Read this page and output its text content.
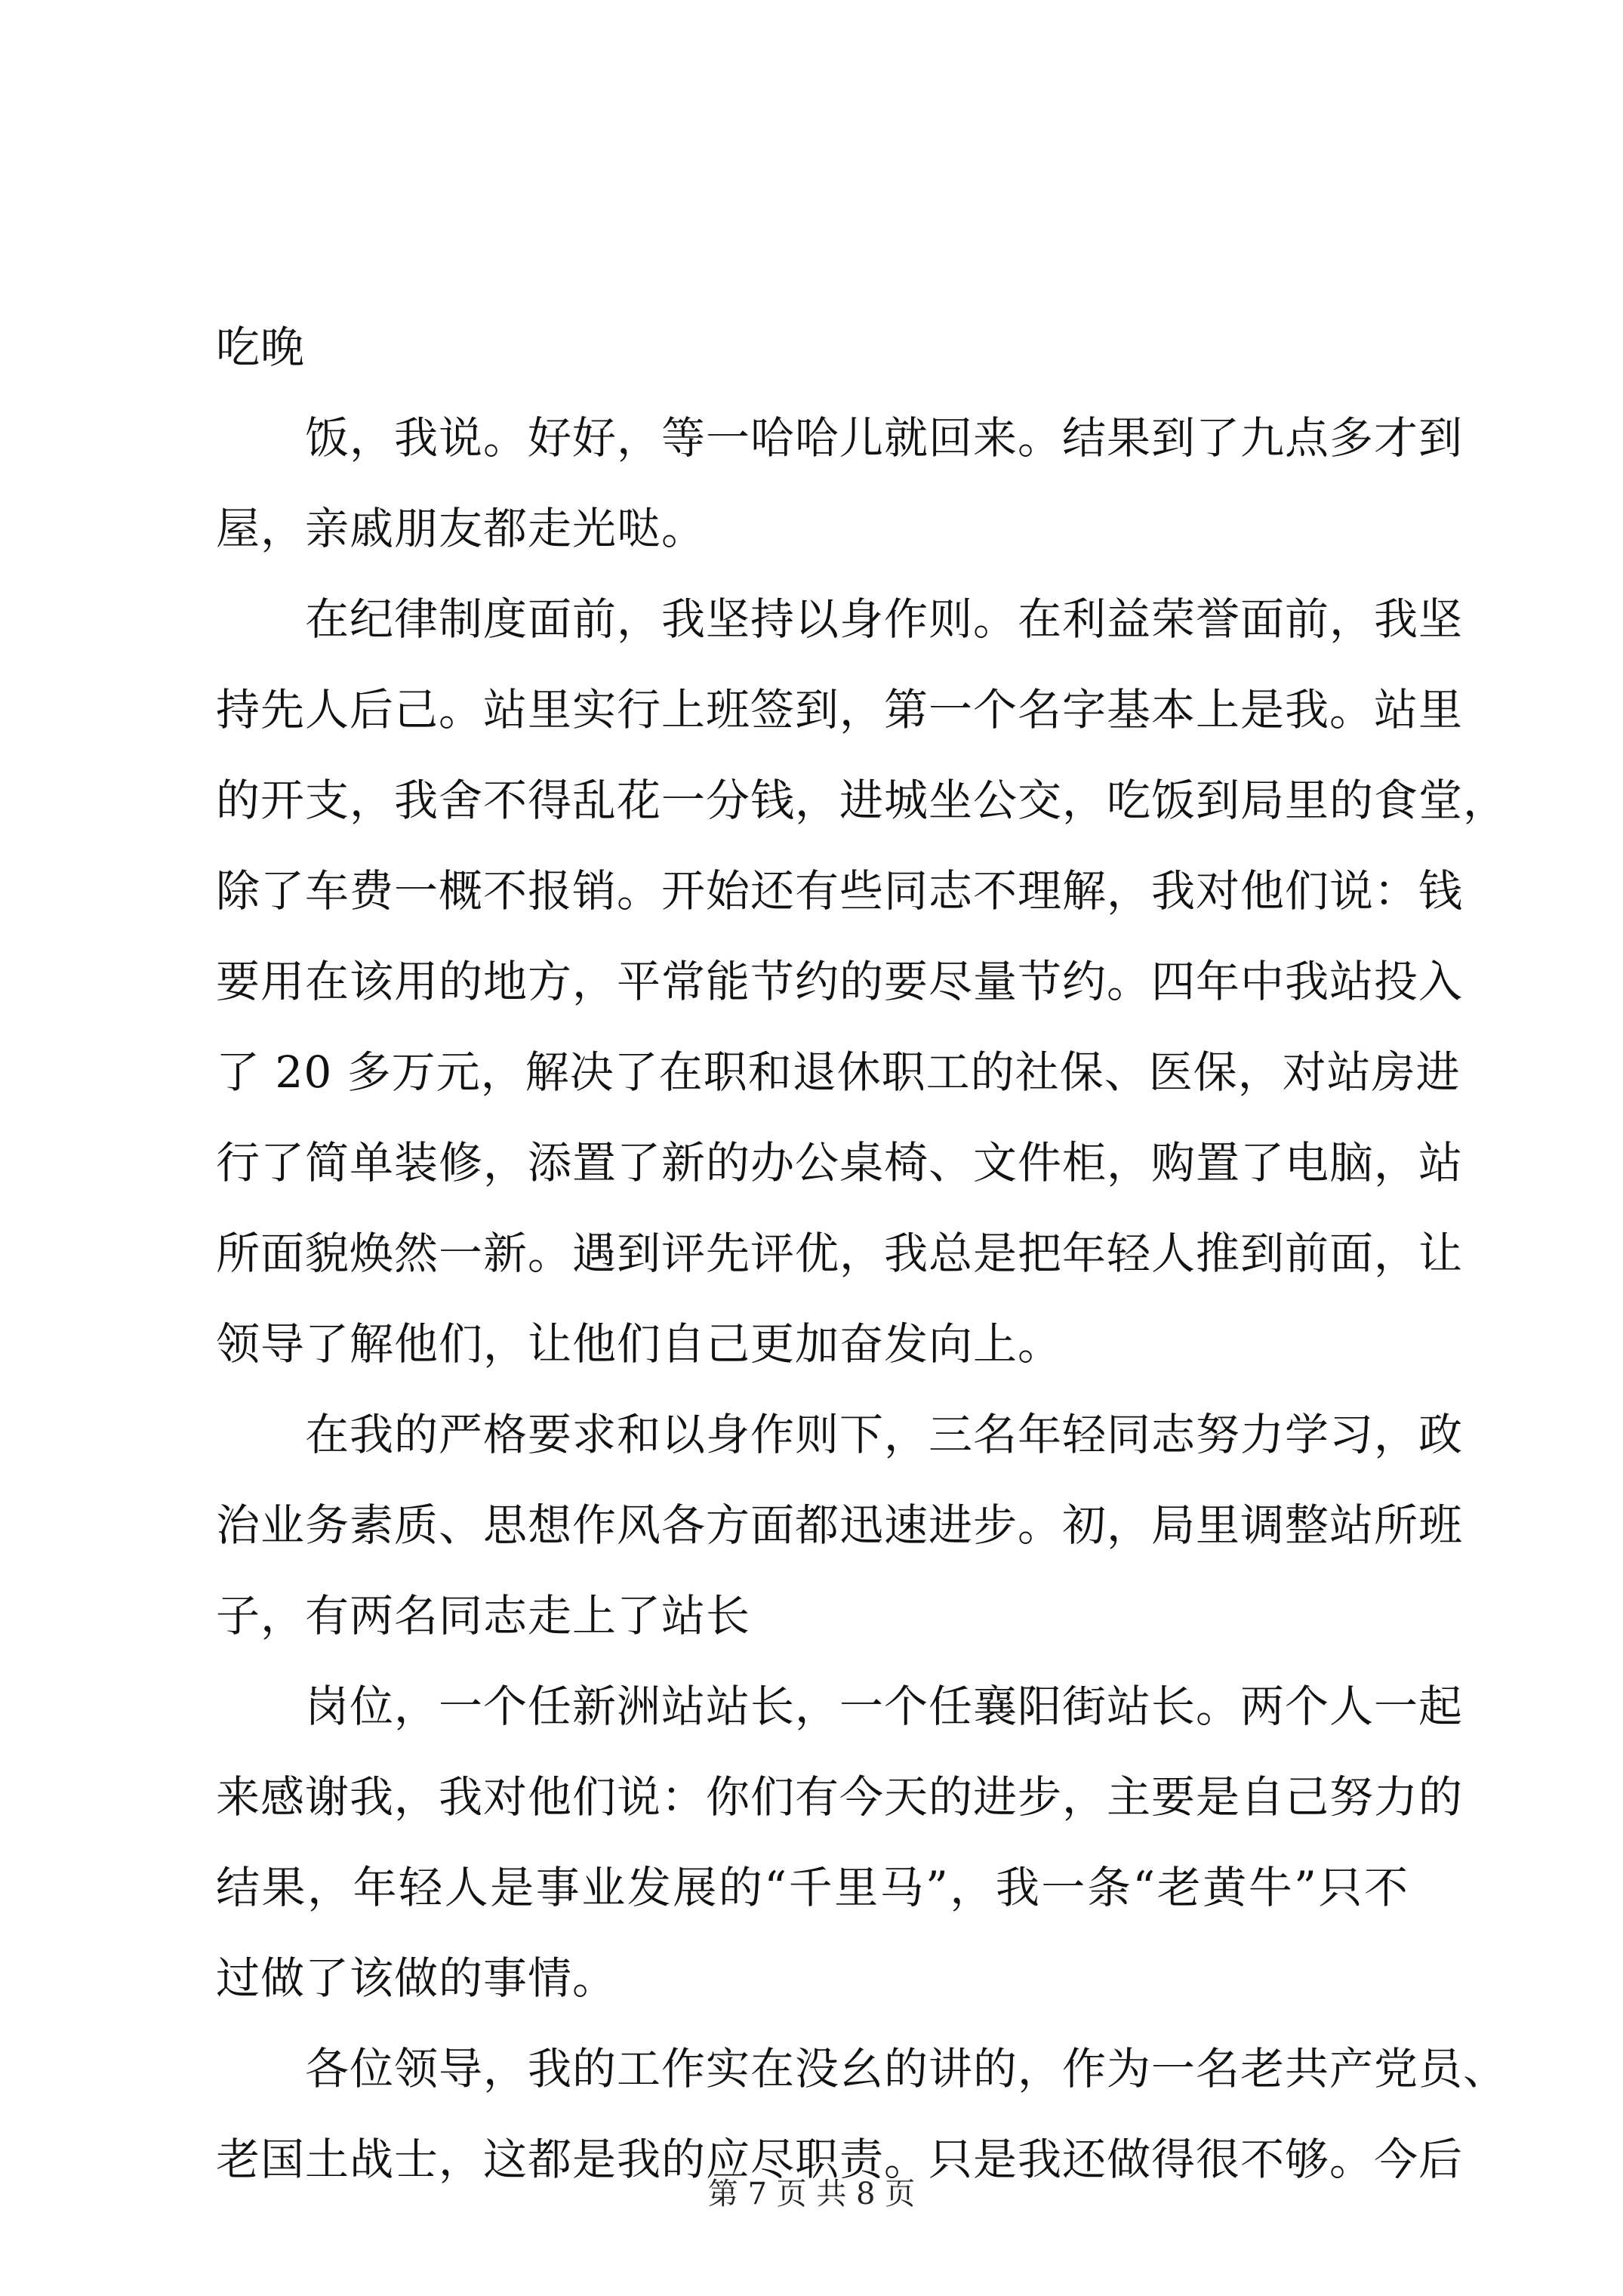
吃晚
饭，我说。好好，等一哈哈儿就回来。结果到了九点多才到
屋，亲戚朋友都走光哒。
在纪律制度面前，我坚持以身作则。在利益荣誉面前，我坚
持先人后己。站里实行上班签到，第一个名字基本上是我。站里
的开支，我舍不得乱花一分钱，进城坐公交，吃饭到局里的食堂，
除了车费一概不报销。开始还有些同志不理解，我对他们说：钱
要用在该用的地方，平常能节约的要尽量节约。四年中我站投入
了 20 多万元，解决了在职和退休职工的社保、医保，对站房进
行了简单装修，添置了新的办公桌椅、文件柜，购置了电脑，站
所面貌焕然一新。遇到评先评优，我总是把年轻人推到前面，让
领导了解他们，让他们自己更加奋发向上。
在我的严格要求和以身作则下，三名年轻同志努力学习，政
治业务素质、思想作风各方面都迅速进步。初，局里调整站所班
子，有两名同志走上了站长
岗位，一个任新洲站站长，一个任襄阳街站长。两个人一起
来感谢我，我对他们说：你们有今天的进步，主要是自己努力的
结果，年轻人是事业发展的“千里马”，我一条“老黄牛”只不
过做了该做的事情。
各位领导，我的工作实在没幺的讲的，作为一名老共产党员、
老国土战士，这都是我的应尽职责。只是我还做得很不够。今后
第 7 页 共 8 页
